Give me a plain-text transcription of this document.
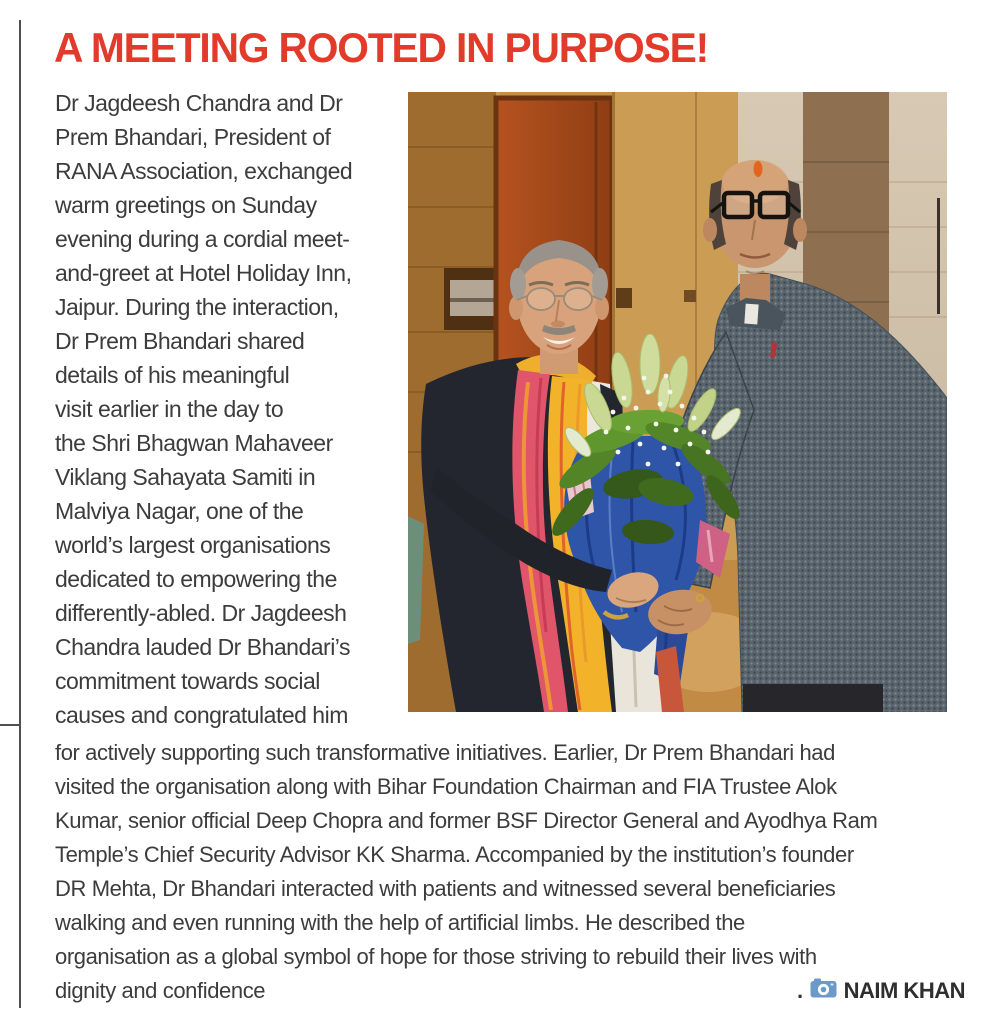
A MEETING ROOTED IN PURPOSE!
Dr Jagdeesh Chandra and Dr
Prem Bhandari, President of
RANA Association, exchanged
warm greetings on Sunday
evening during a cordial meet-
and-greet at Hotel Holiday Inn,
Jaipur. During the interaction,
Dr Prem Bhandari shared
details of his meaningful
visit earlier in the day to
the Shri Bhagwan Mahaveer
Viklang Sahayata Samiti in
Malviya Nagar, one of the
world’s largest organisations
dedicated to empowering the
differently-abled. Dr Jagdeesh
Chandra lauded Dr Bhandari’s
commitment towards social
causes and congratulated him
for actively supporting such transformative initiatives. Earlier, Dr Prem Bhandari had
visited the organisation along with Bihar Foundation Chairman and FIA Trustee Alok
Kumar, senior official Deep Chopra and former BSF Director General and Ayodhya Ram
Temple’s Chief Security Advisor KK Sharma. Accompanied by the institution’s founder
DR Mehta, Dr Bhandari interacted with patients and witnessed several beneficiaries
walking and even running with the help of artificial limbs. He described the
organisation as a global symbol of hope for those striving to rebuild their lives with
dignity and confidence	. NAIM KHAN
